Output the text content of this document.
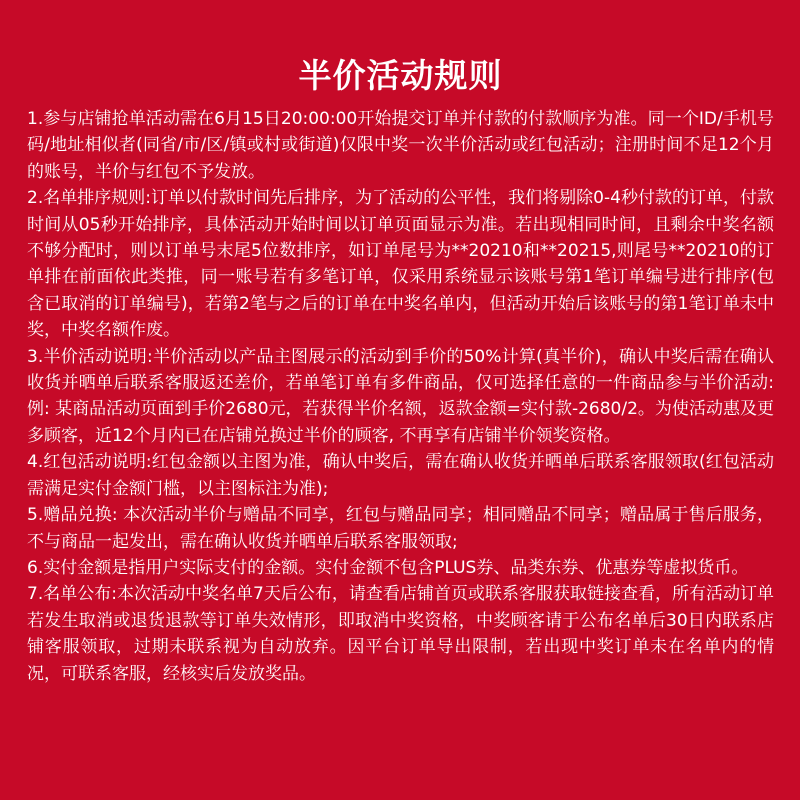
半价活动规则

1.参与店铺抢单活动需在6月15日20:00:00开始提交订单并付款的付款顺序为准。同一个ID/手机号码/地址相似者(同省/市/区/镇或村或街道)仅限中奖一次半价活动或红包活动；注册时间不足12个月的账号，半价与红包不予发放。

2.名单排序规则:订单以付款时间先后排序，为了活动的公平性，我们将剔除0-4秒付款的订单，付款时间从05秒开始排序，具体活动开始时间以订单页面显示为准。若出现相同时间，且剩余中奖名额不够分配时，则以订单号末尾5位数排序，如订单尾号为**20210和**20215,则尾号**20210的订单排在前面依此类推，同一账号若有多笔订单，仅采用系统显示该账号第1笔订单编号进行排序(包含已取消的订单编号)，若第2笔与之后的订单在中奖名单内，但活动开始后该账号的第1笔订单未中奖，中奖名额作废。

3.半价活动说明:半价活动以产品主图展示的活动到手价的50%计算(真半价)，确认中奖后需在确认收货并晒单后联系客服返还差价，若单笔订单有多件商品，仅可选择任意的一件商品参与半价活动: 例: 某商品活动页面到手价2680元，若获得半价名额，返款金额=实付款-2680/2。为使活动惠及更多顾客，近12个月内已在店铺兑换过半价的顾客, 不再享有店铺半价领奖资格。

4.红包活动说明:红包金额以主图为准，确认中奖后，需在确认收货并晒单后联系客服领取(红包活动需满足实付金额门槛，以主图标注为准);

5.赠品兑换: 本次活动半价与赠品不同享，红包与赠品同享；相同赠品不同享；赠品属于售后服务，不与商品一起发出，需在确认收货并晒单后联系客服领取;

6.实付金额是指用户实际支付的金额。实付金额不包含PLUS券、品类东券、优惠券等虚拟货币。

7.名单公布:本次活动中奖名单7天后公布，请查看店铺首页或联系客服获取链接查看，所有活动订单若发生取消或退货退款等订单失效情形，即取消中奖资格，中奖顾客请于公布名单后30日内联系店铺客服领取，过期未联系视为自动放弃。因平台订单导出限制，若出现中奖订单未在名单内的情况，可联系客服，经核实后发放奖品。
